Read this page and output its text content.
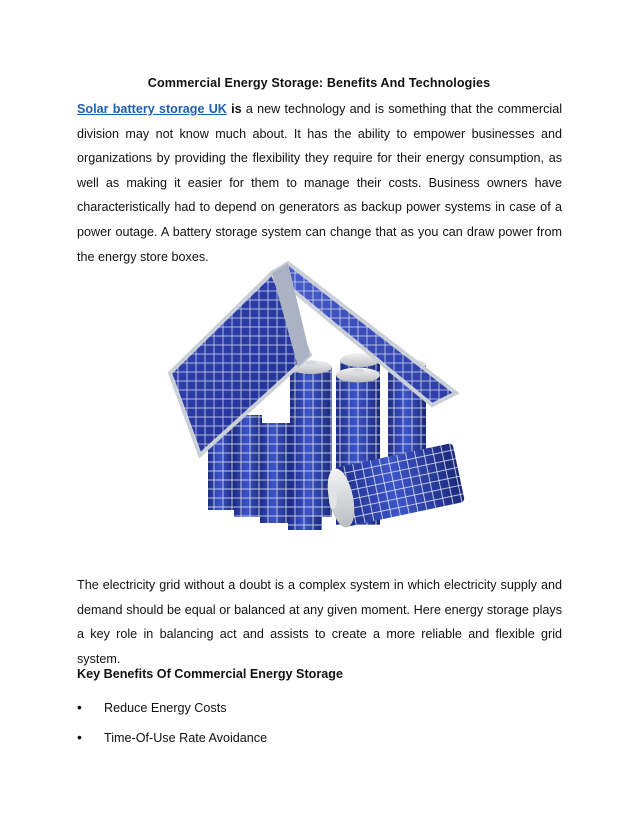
Commercial Energy Storage: Benefits And Technologies
Solar battery storage UK is a new technology and is something that the commercial division may not know much about. It has the ability to empower businesses and organizations by providing the flexibility they require for their energy consumption, as well as making it easier for them to manage their costs. Business owners have characteristically had to depend on generators as backup power systems in case of a power outage. A battery storage system can change that as you can draw power from the energy store boxes.
The electricity grid without a doubt is a complex system in which electricity supply and demand should be equal or balanced at any given moment. Here energy storage plays a key role in balancing act and assists to create a more reliable and flexible grid system.
Key Benefits Of Commercial Energy Storage
• Reduce Energy Costs
• Time-Of-Use Rate Avoidance
